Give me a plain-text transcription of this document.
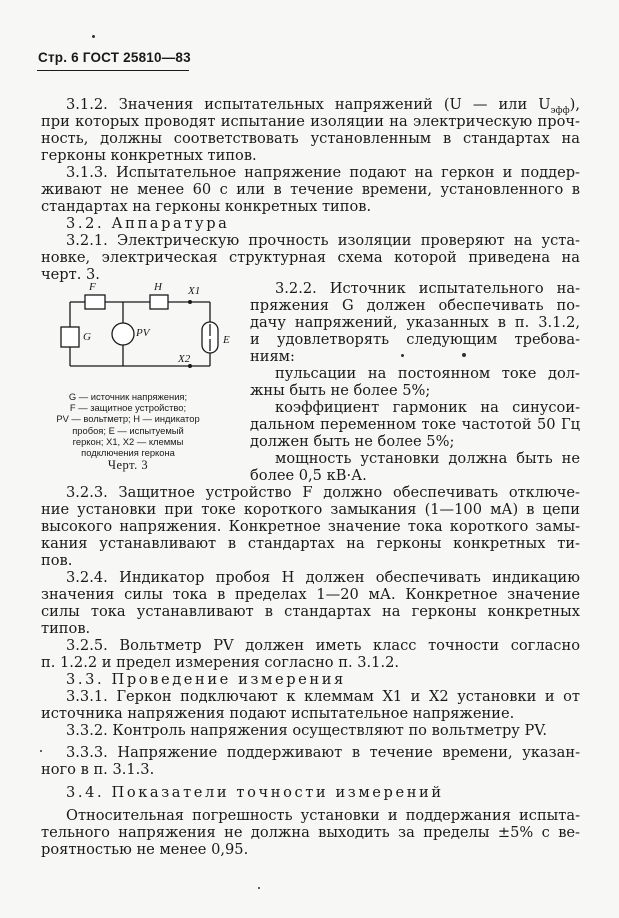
Стр. 6 ГОСТ 25810—83
3.1.2. Значения испытательных напряжений (U — или $U_{эфф}$),
при которых проводят испытание изоляции на электрическую проч-
ность, должны соответствовать установленным в стандартах на
герконы конкретных типов.
3.1.3. Испытательное напряжение подают на геркон и поддер-
живают не менее 60 с или в течение времени, установленного в
стандартах на герконы конкретных типов.
3.2. Аппаратура
3.2.1. Электрическую прочность изоляции проверяют на уста-
новке, электрическая структурная схема которой приведена на
черт. 3.
3.2.2. Источник испытательного на-
пряжения G должен обеспечивать по-
дачу напряжений, указанных в п. 3.1.2,
и удовлетворять следующим требова-
ниям:
пульсации на постоянном токе дол-
жны быть не более 5%;
коэффициент гармоник на синусои-
дальном переменном токе частотой 50 Гц
должен быть не более 5%;
мощность установки должна быть не
более 0,5 кВ·А.
F	H X1
X2
G	PV
E
G — источник напряжения;
F — защитное устройство;
PV — вольтметр; H — индикатор
пробоя; E — испытуемый
геркон; X1, X2 — клеммы
подключения геркона
Черт. 3
3.2.3. Защитное устройство F должно обеспечивать отключе-
ние установки при токе короткого замыкания (1—100 мА) в цепи
высокого напряжения. Конкретное значение тока короткого замы-
кания устанавливают в стандартах на герконы конкретных ти-
пов.
3.2.4. Индикатор пробоя H должен обеспечивать индикацию
значения силы тока в пределах 1—20 мА. Конкретное значение
силы тока устанавливают в стандартах на герконы конкретных
типов.
3.2.5. Вольтметр PV должен иметь класс точности согласно
п. 1.2.2 и предел измерения согласно п. 3.1.2.
3.3. Проведение измерения
3.3.1. Геркон подключают к клеммам X1 и X2 установки и от
источника напряжения подают испытательное напряжение.
3.3.2. Контроль напряжения осуществляют по вольтметру PV.
3.3.3. Напряжение поддерживают в течение времени, указан-
ного в п. 3.1.3.
3.4. Показатели точности измерений
Относительная погрешность установки и поддержания испыта-
тельного напряжения не должна выходить за пределы ±5% с ве-
роятностью не менее 0,95.
